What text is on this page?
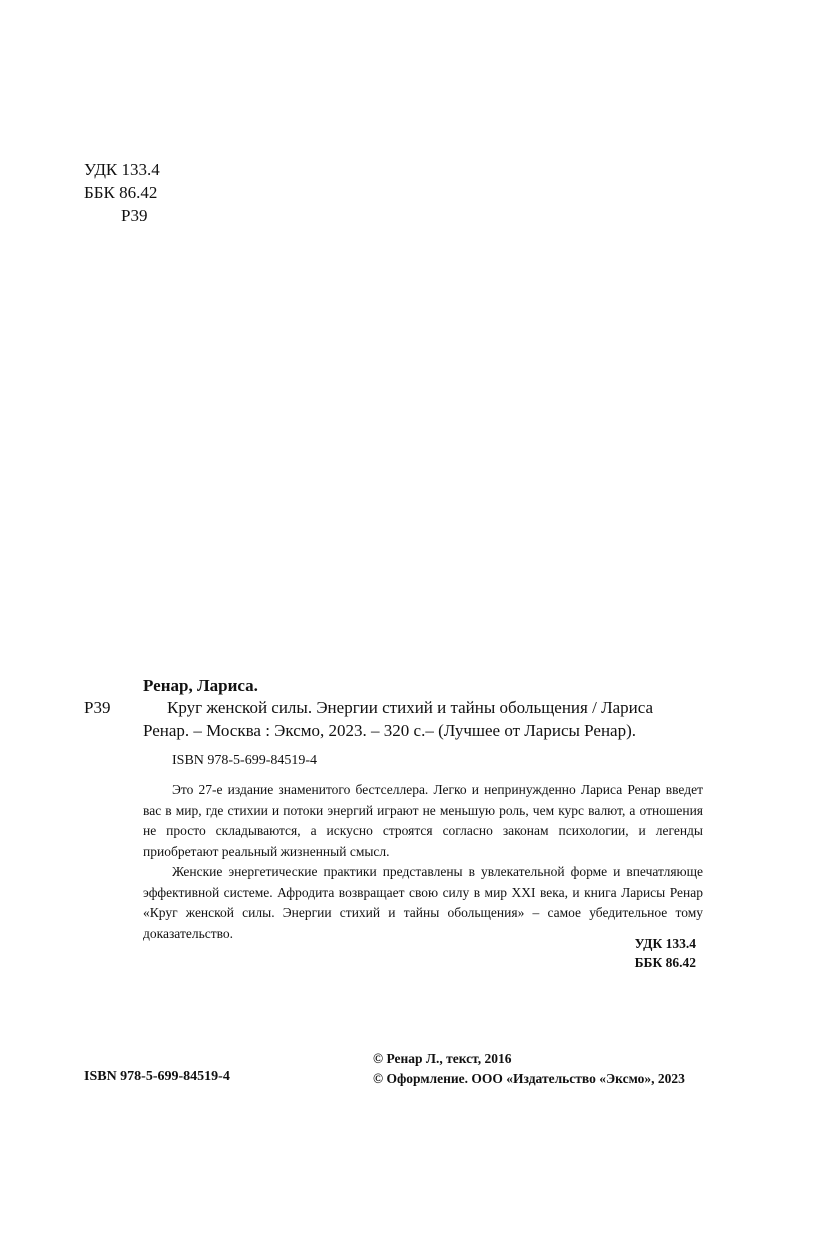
УДК 133.4
ББК 86.42
Р39
Ренар, Лариса.
Р39	Круг женской силы. Энергии стихий и тайны обольщения / Лариса
Ренар. – Москва : Эксмо, 2023. – 320 с.– (Лучшее от Ларисы Ренар).
ISBN 978-5-699-84519-4

Это 27-е издание знаменитого бестселлера. Легко и непринужденно Лариса Ренар введет вас в мир, где стихии и потоки энергий играют не меньшую роль, чем курс валют, а отношения не просто складываются, а искусно строятся согласно законам психологии, и легенды приобретают реальный жизненный смысл.

Женские энергетические практики представлены в увлекательной форме и впечатляюще эффективной системе. Афродита возвращает свою силу в мир XXI века, и книга Ларисы Ренар «Круг женской силы. Энергии стихий и тайны обольщения» – самое убедительное тому доказательство.

УДК 133.4
ББК 86.42
© Ренар Л., текст, 2016
© Оформление. ООО «Издательство «Эксмо», 2023
ISBN 978-5-699-84519-4
